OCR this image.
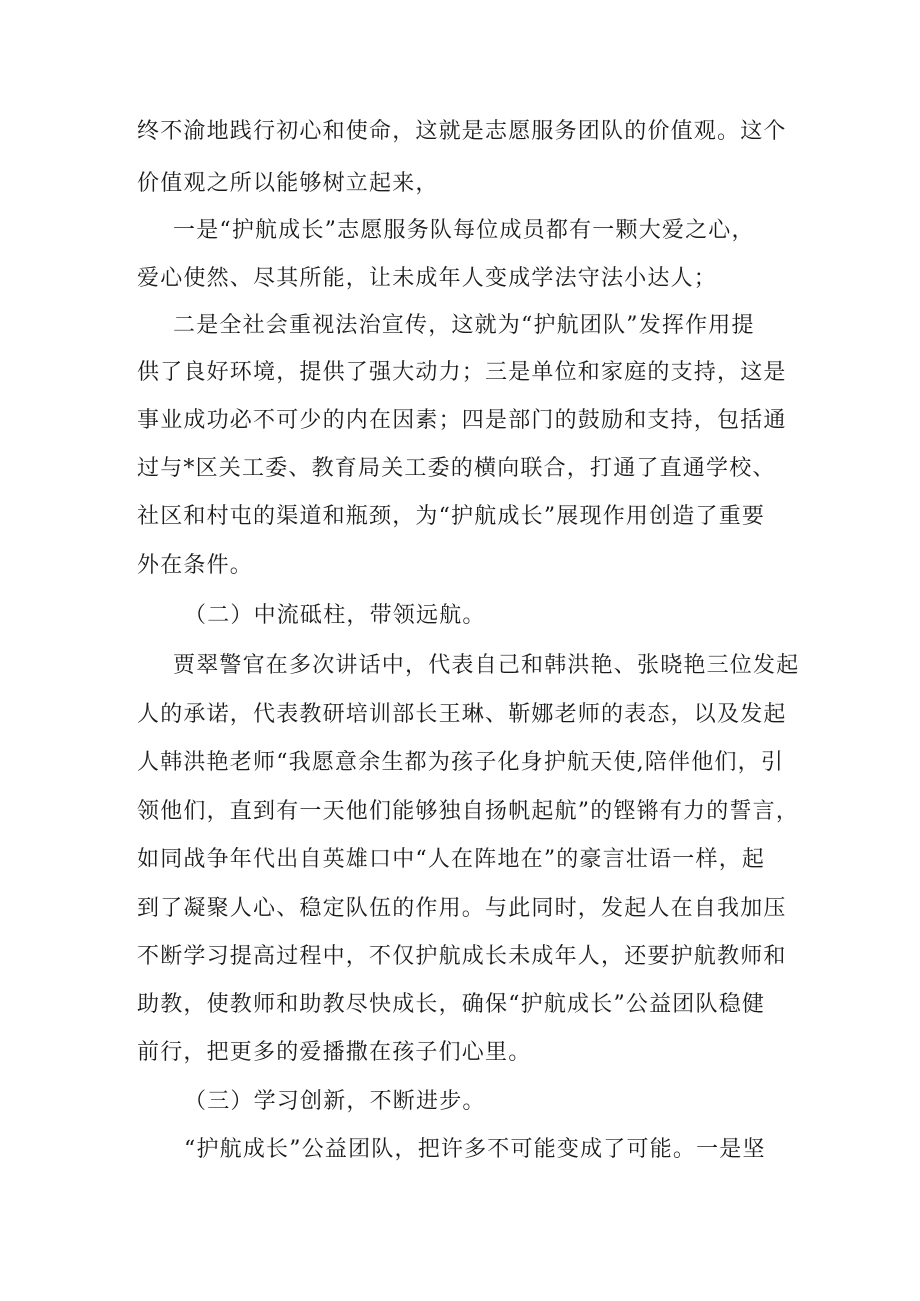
终不渝地践行初心和使命，这就是志愿服务团队的价值观。这个

价值观之所以能够树立起来，

一是“护航成长”志愿服务队每位成员都有一颗大爱之心，

爱心使然、尽其所能，让未成年人变成学法守法小达人；

二是全社会重视法治宣传，这就为“护航团队”发挥作用提

供了良好环境，提供了强大动力；三是单位和家庭的支持，这是

事业成功必不可少的内在因素；四是部门的鼓励和支持，包括通

过与*区关工委、教育局关工委的横向联合，打通了直通学校、

社区和村屯的渠道和瓶颈，为“护航成长”展现作用创造了重要

外在条件。

（二）中流砥柱，带领远航。

贾翠警官在多次讲话中，代表自己和韩洪艳、张晓艳三位发起

人的承诺，代表教研培训部长王琳、靳娜老师的表态，以及发起

人韩洪艳老师“我愿意余生都为孩子化身护航天使,陪伴他们，引

领他们，直到有一天他们能够独自扬帆起航”的铿锵有力的誓言，

如同战争年代出自英雄口中“人在阵地在”的豪言壮语一样，起

到了凝聚人心、稳定队伍的作用。与此同时，发起人在自我加压

不断学习提高过程中，不仅护航成长未成年人，还要护航教师和

助教，使教师和助教尽快成长，确保“护航成长”公益团队稳健

前行，把更多的爱播撒在孩子们心里。

（三）学习创新，不断进步。

“护航成长”公益团队，把许多不可能变成了可能。一是坚
